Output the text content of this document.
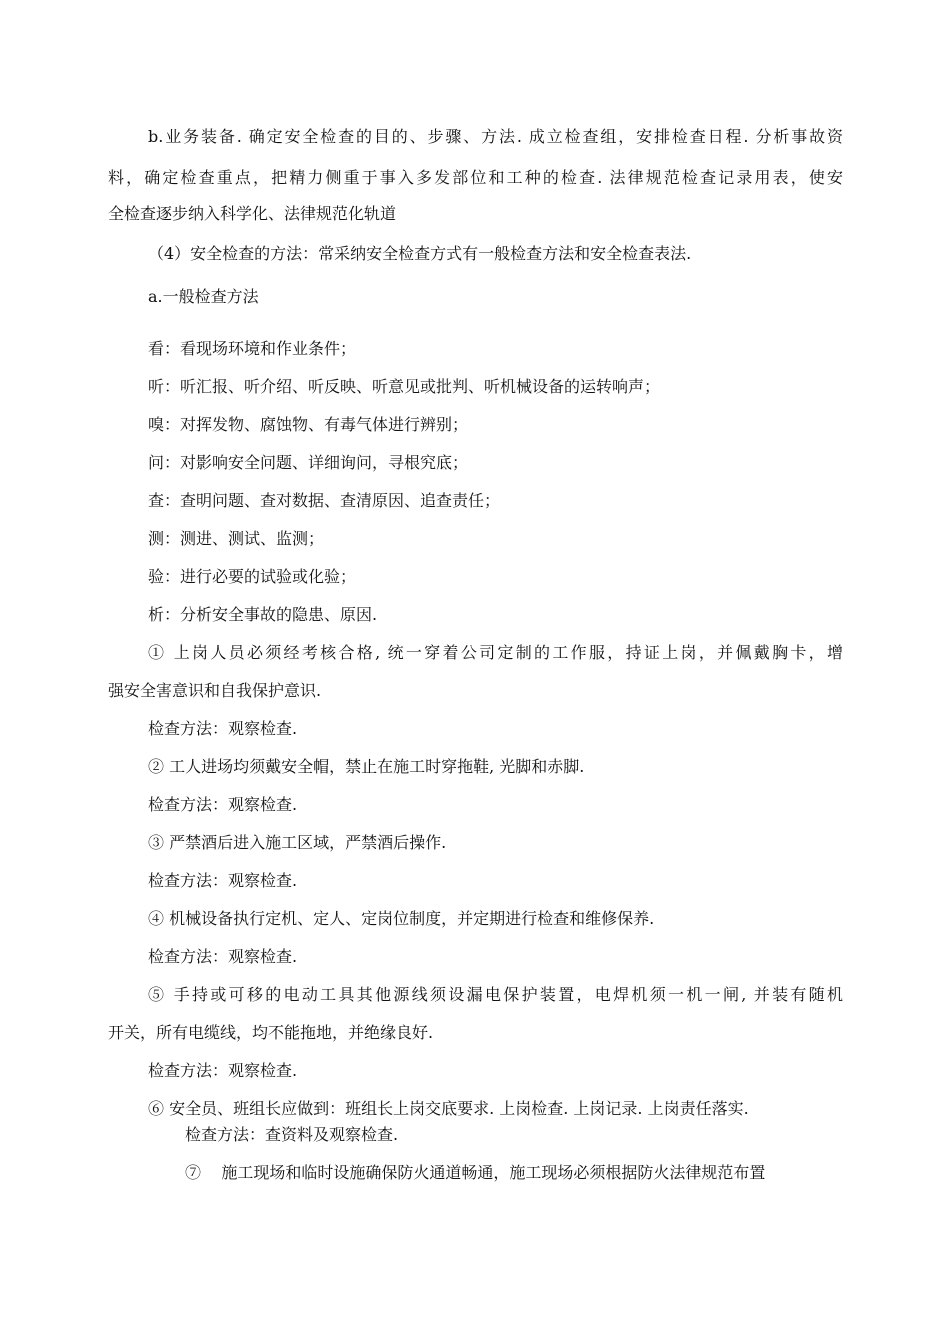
b.业务装备. 确定安全检查的目的、步骤、方法. 成立检查组，安排检查日程. 分析事故资
料，确定检查重点，把精力侧重于事入多发部位和工种的检查. 法律规范检查记录用表，使安
全检查逐步纳入科学化、法律规范化轨道
（4）安全检查的方法：常采纳安全检查方式有一般检查方法和安全检查表法.
a.一般检查方法
看：看现场环境和作业条件；
听：听汇报、听介绍、听反映、听意见或批判、听机械设备的运转响声；
嗅：对挥发物、腐蚀物、有毒气体进行辨别；
问：对影响安全问题、详细询问，寻根究底；
查：查明问题、查对数据、查清原因、追查责任；
测：测进、测试、监测；
验：进行必要的试验或化验；
析：分析安全事故的隐患、原因.
① 上岗人员必须经考核合格, 统一穿着公司定制的工作服，持证上岗，并佩戴胸卡，增
强安全害意识和自我保护意识.
检查方法：观察检查.
② 工人进场均须戴安全帽，禁止在施工时穿拖鞋, 光脚和赤脚.
检查方法：观察检查.
③ 严禁酒后进入施工区域，严禁酒后操作.
检查方法：观察检查.
④ 机械设备执行定机、定人、定岗位制度，并定期进行检查和维修保养.
检查方法：观察检查.
⑤ 手持或可移的电动工具其他源线须设漏电保护装置，电焊机须一机一闸, 并装有随机
开关，所有电缆线，均不能拖地，并绝缘良好.
检查方法：观察检查.
⑥ 安全员、班组长应做到：班组长上岗交底要求. 上岗检查. 上岗记录. 上岗责任落实.
检查方法：查资料及观察检查.
⑦    施工现场和临时设施确保防火通道畅通，施工现场必须根据防火法律规范布置
